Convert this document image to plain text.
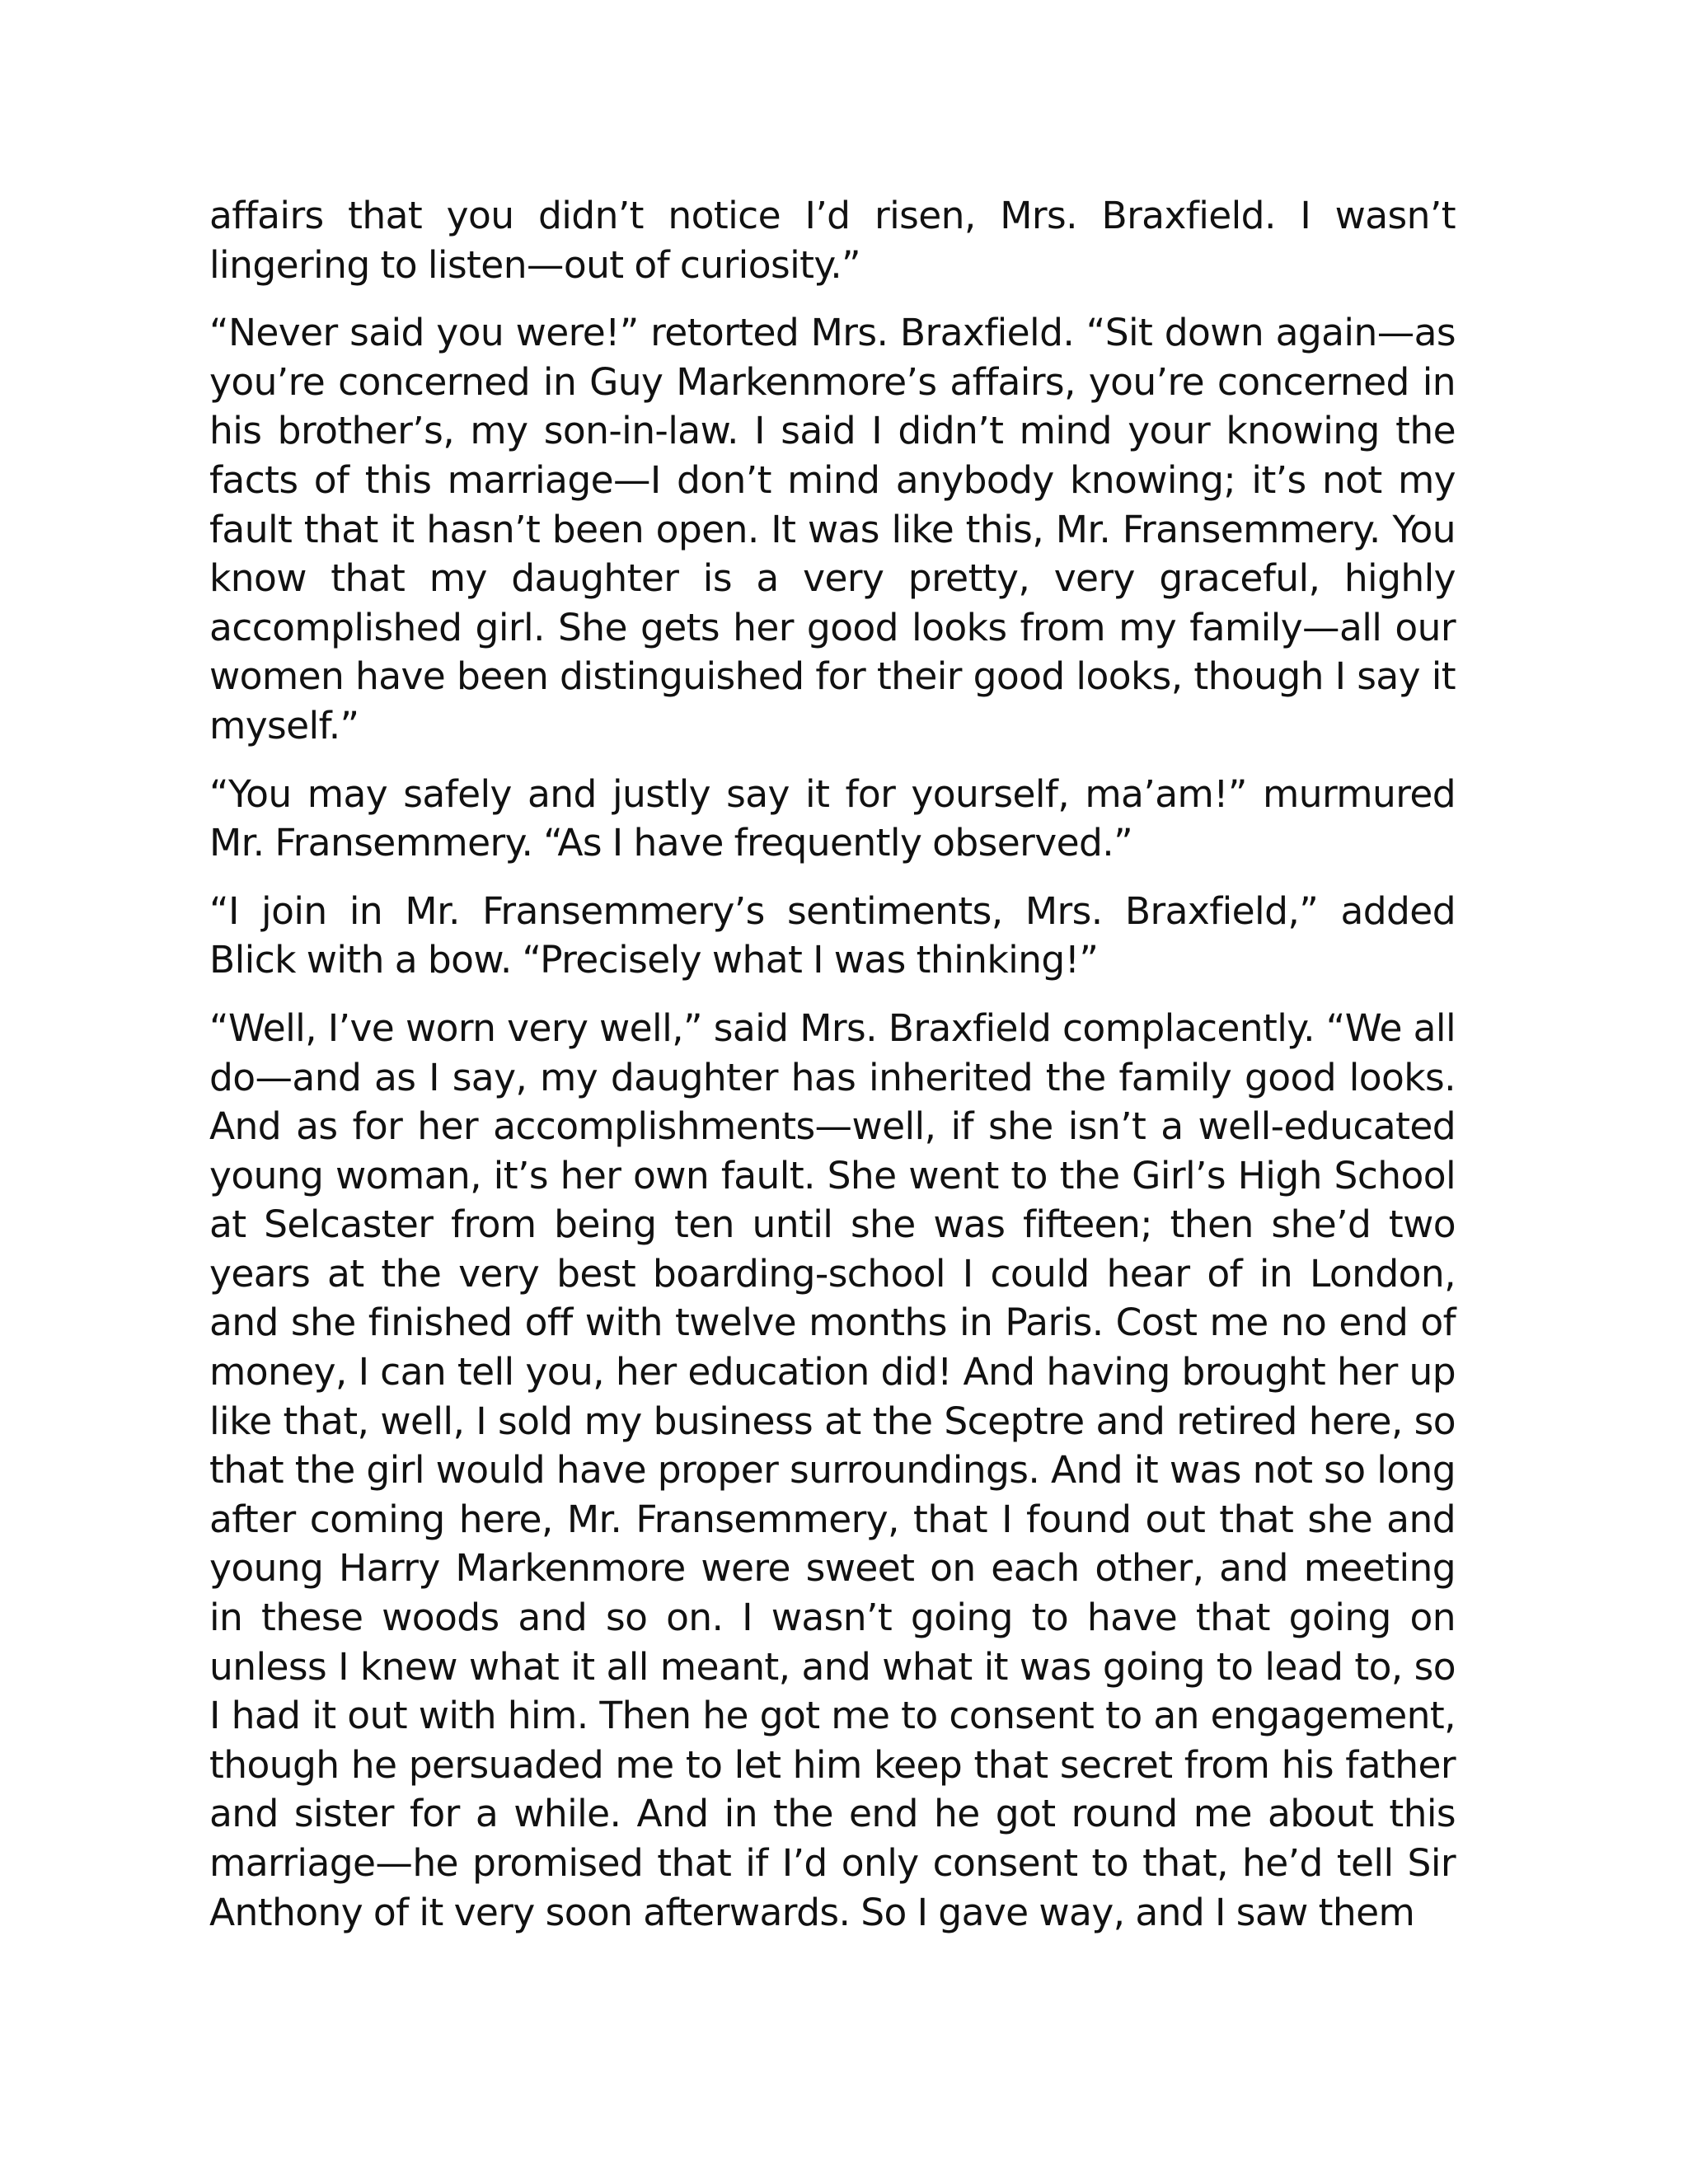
affairs that you didn’t notice I’d risen, Mrs. Braxfield. I wasn’t lingering to listen—out of curiosity.”

“Never said you were!” retorted Mrs. Braxfield. “Sit down again—as you’re concerned in Guy Markenmore’s affairs, you’re concerned in his brother’s, my son-in-law. I said I didn’t mind your knowing the facts of this marriage—I don’t mind anybody knowing; it’s not my fault that it hasn’t been open. It was like this, Mr. Fransemmery. You know that my daughter is a very pretty, very graceful, highly accomplished girl. She gets her good looks from my family—all our women have been distinguished for their good looks, though I say it myself.”

“You may safely and justly say it for yourself, ma’am!” murmured Mr. Fransemmery. “As I have frequently observed.”

“I join in Mr. Fransemmery’s sentiments, Mrs. Braxfield,” added Blick with a bow. “Precisely what I was thinking!”

“Well, I’ve worn very well,” said Mrs. Braxfield complacently. “We all do—and as I say, my daughter has inherited the family good looks. And as for her accomplishments—well, if she isn’t a well-educated young woman, it’s her own fault. She went to the Girl’s High School at Selcaster from being ten until she was fifteen; then she’d two years at the very best boarding-school I could hear of in London, and she finished off with twelve months in Paris. Cost me no end of money, I can tell you, her education did! And having brought her up like that, well, I sold my business at the Sceptre and retired here, so that the girl would have proper surroundings. And it was not so long after coming here, Mr. Fransemmery, that I found out that she and young Harry Markenmore were sweet on each other, and meeting in these woods and so on. I wasn’t going to have that going on unless I knew what it all meant, and what it was going to lead to, so I had it out with him. Then he got me to consent to an engagement, though he persuaded me to let him keep that secret from his father and sister for a while. And in the end he got round me about this marriage—he promised that if I’d only consent to that, he’d tell Sir Anthony of it very soon afterwards. So I gave way, and I saw them
